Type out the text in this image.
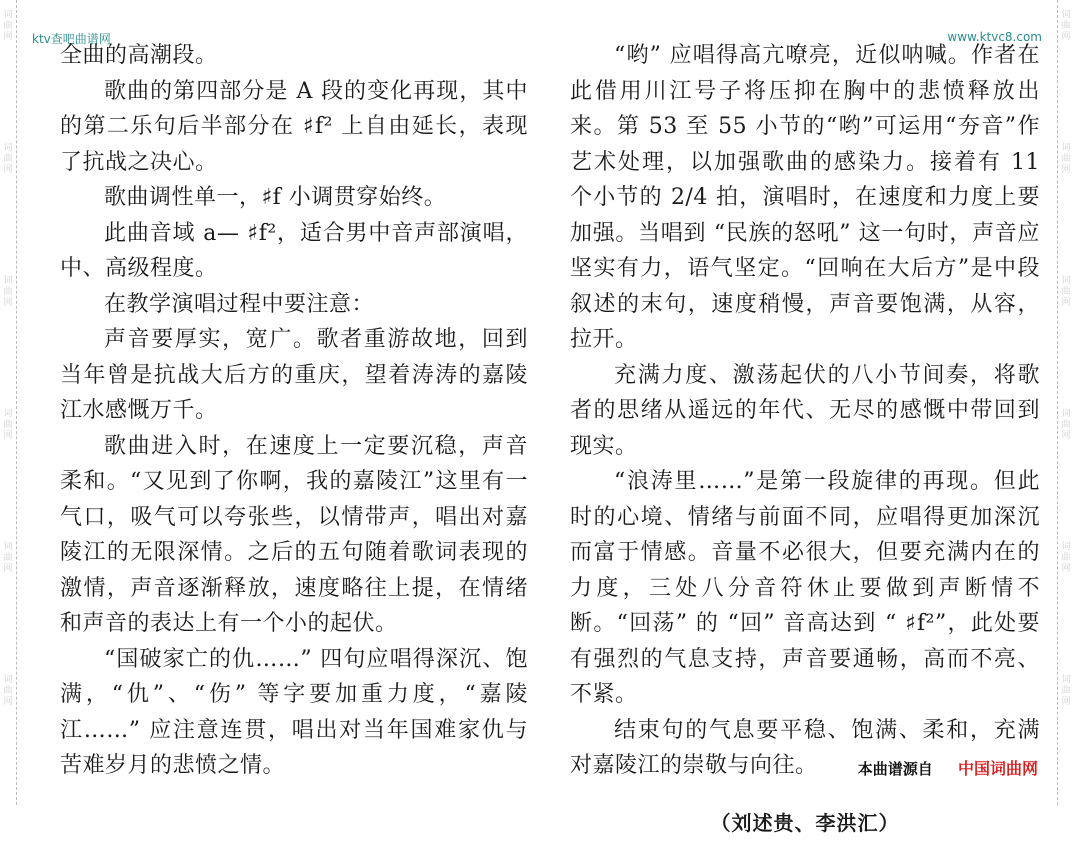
词曲网
词曲网
词曲网
词曲网
词曲网
词曲网
词曲网
词曲网
词曲网
词曲网
词曲网
词曲网
ktv查吧曲谱网	www.ktvc8.com

全曲的高潮段。

歌曲的第四部分是 A 段的变化再现，其中的第二乐句后半部分在 ♯f² 上自由延长，表现了抗战之决心。

歌曲调性单一，♯f 小调贯穿始终。

此曲音域 a— ♯f²，适合男中音声部演唱，中、高级程度。

在教学演唱过程中要注意：

声音要厚实，宽广。歌者重游故地，回到当年曾是抗战大后方的重庆，望着涛涛的嘉陵江水感慨万千。

歌曲进入时，在速度上一定要沉稳，声音柔和。“又见到了你啊，我的嘉陵江”这里有一气口，吸气可以夸张些，以情带声，唱出对嘉陵江的无限深情。之后的五句随着歌词表现的激情，声音逐渐释放，速度略往上提，在情绪和声音的表达上有一个小的起伏。

“国破家亡的仇……” 四句应唱得深沉、饱满，“仇”、“伤” 等字要加重力度，“嘉陵江……” 应注意连贯，唱出对当年国难家仇与苦难岁月的悲愤之情。

“哟” 应唱得高亢嘹亮，近似呐喊。作者在此借用川江号子将压抑在胸中的悲愤释放出来。第 53 至 55 小节的“哟”可运用“夯音”作艺术处理，以加强歌曲的感染力。接着有 11 个小节的 2/4 拍，演唱时，在速度和力度上要加强。当唱到 “民族的怒吼” 这一句时，声音应坚实有力，语气坚定。“回响在大后方”是中段叙述的末句，速度稍慢，声音要饱满，从容，拉开。

充满力度、激荡起伏的八小节间奏，将歌者的思绪从遥远的年代、无尽的感慨中带回到现实。

“浪涛里……”是第一段旋律的再现。但此时的心境、情绪与前面不同，应唱得更加深沉而富于情感。音量不必很大，但要充满内在的力度，三处八分音符休止要做到声断情不断。“回荡” 的 “回” 音高达到 “ ♯f²”，此处要有强烈的气息支持，声音要通畅，高而不亮、不紧。

结束句的气息要平稳、饱满、柔和，充满对嘉陵江的崇敬与向往。

（刘述贵、李洪汇）

本曲谱源自 中国词曲网
